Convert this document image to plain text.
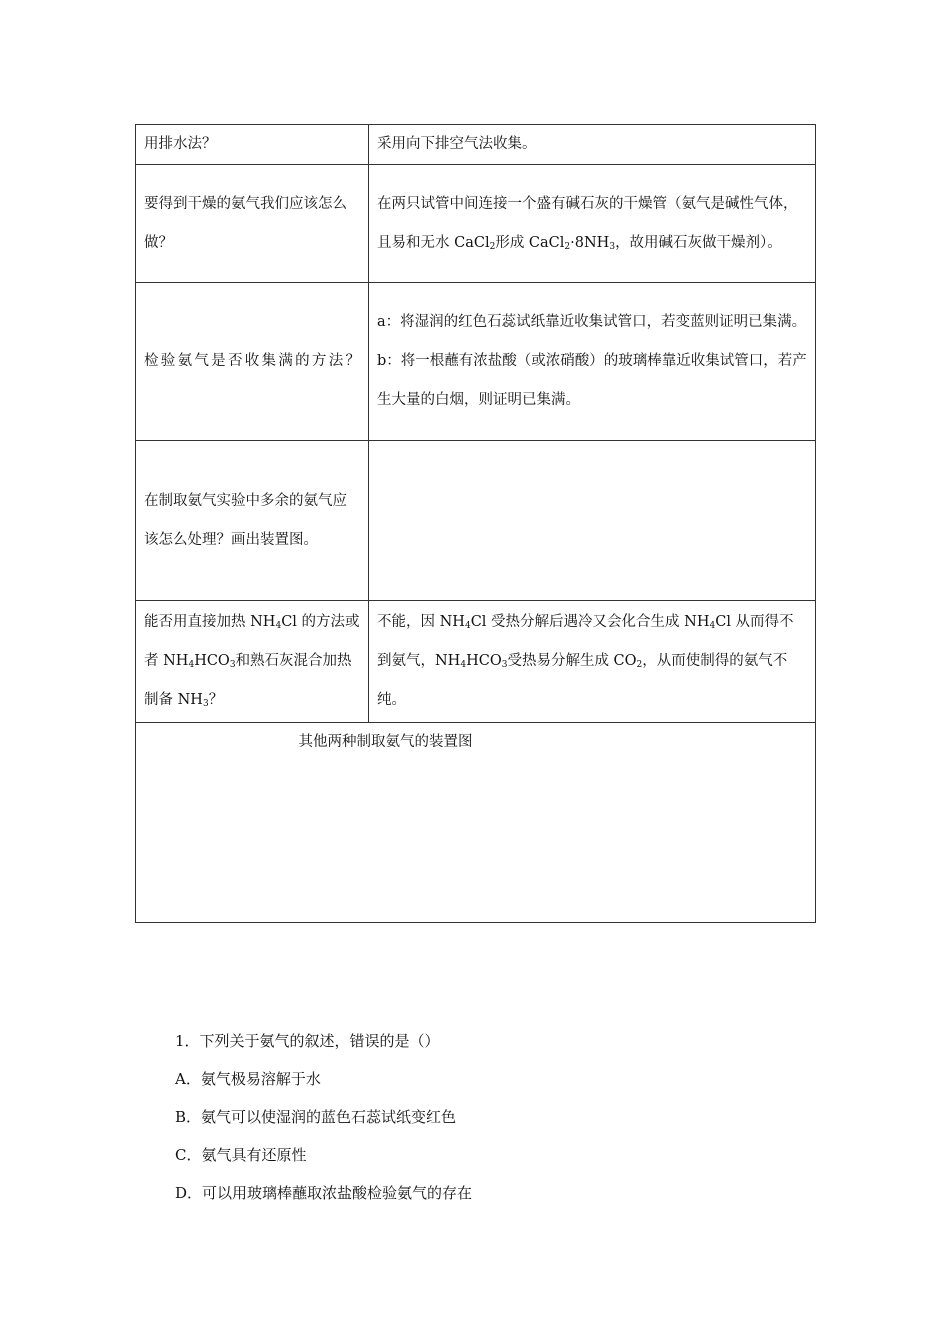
用排水法？	采用向下排空气法收集。
要得到干燥的氨气我们应该怎么做？	在两只试管中间连接一个盛有碱石灰的干燥管（氨气是碱性气体，且易和无水 CaCl$_2$形成 $CaCl_2\cdot 8NH_3$，故用碱石灰做干燥剂）。

检验氨气是否收集满的方法？	a：将湿润的红色石蕊试纸靠近收集试管口，若变蓝则证明已集满。
b：将一根蘸有浓盐酸（或浓硝酸）的玻璃棒靠近收集试管口，若产生大量的白烟，则证明已集满。

在制取氨气实验中多余的氨气应该怎么处理？画出装置图。	
能否用直接加热 $NH_4Cl$ 的方法或者 $NH_4HCO_3$和熟石灰混合加热制备 $NH_3$？	不能，因 $NH_4Cl$ 受热分解后遇冷又会化合生成 $NH_4Cl$ 从而得不到氨气，$NH_4HCO_3$受热易分解生成 $CO_2$，从而使制得的氨气不纯。
其他两种制取氨气的装置图	
1．下列关于氨气的叙述，错误的是（）
A．氨气极易溶解于水
B．氨气可以使湿润的蓝色石蕊试纸变红色
C．氨气具有还原性
D．可以用玻璃棒蘸取浓盐酸检验氨气的存在
